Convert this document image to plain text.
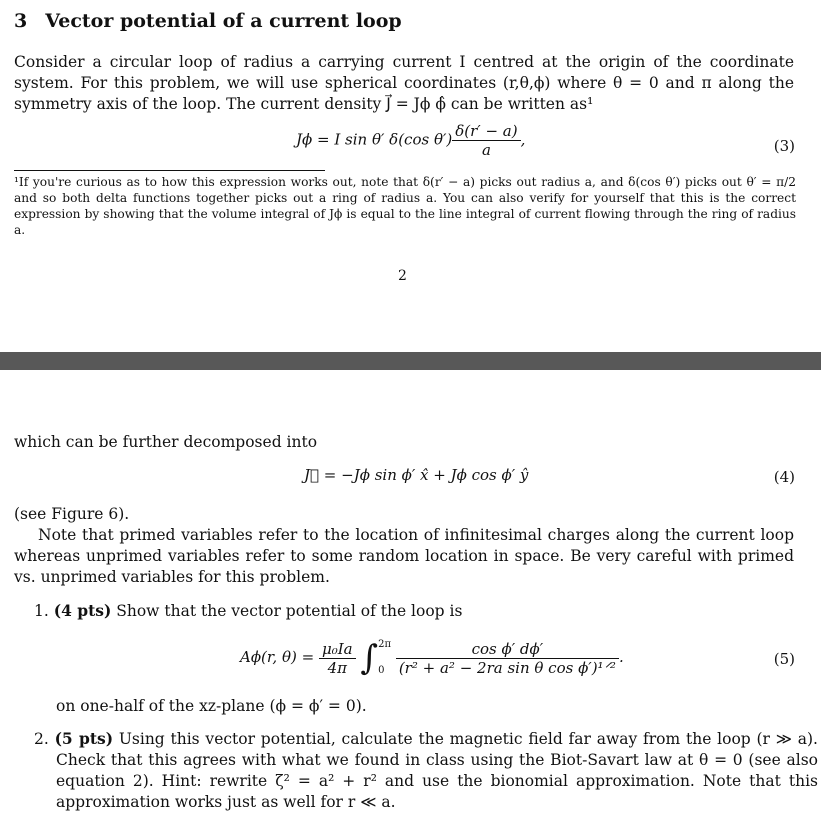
3 Vector potential of a current loop
Consider a circular loop of radius a carrying current I centred at the origin of the coordinate system. For this problem, we will use spherical coordinates (r,θ,ϕ) where θ = 0 and π along the symmetry axis of the loop. The current density J⃗ = Jϕ ϕ̂ can be written as¹
Jϕ = I sin θ′ δ(cos $\theta') \frac{\delta(r' - a)}{a}$ ,	(3)
¹If you're curious as to how this expression works out, note that δ(r′ − a) picks out radius a, and δ(cos θ′) picks out θ′ = π/2 and so both delta functions together picks out a ring of radius a. You can also verify for yourself that this is the correct expression by showing that the volume integral of Jϕ is equal to the line integral of current flowing through the ring of radius a.
2
which can be further decomposed into
J⃗ = −Jϕ sin ϕ′ x̂ + Jϕ cos ϕ′ ŷ	(4)
(see Figure 6).
Note that primed variables refer to the location of infinitesimal charges along the current loop whereas unprimed variables refer to some random location in space. Be very careful with primed vs. unprimed variables for this problem.
1. (4 pts) Show that the vector potential of the loop is
Aϕ(r, $\theta) = \frac{\text{μ₀Ia}}{4\pi}$ ∫ 2π
0
$\frac{\text{cos ϕ′ dϕ′}}{\text{(r² + a² − 2ra sin θ cos ϕ′)¹ᐟ²}}$ .	(5)
on one-half of the xz-plane (ϕ = ϕ′ = 0).
2. (5 pts) Using this vector potential, calculate the magnetic field far away from the loop (r ≫ a). Check that this agrees with what we found in class using the Biot-Savart law at θ = 0 (see also equation 2). Hint: rewrite ζ² = a² + r² and use the bionomial approximation. Note that this approximation works just as well for r ≪ a.
